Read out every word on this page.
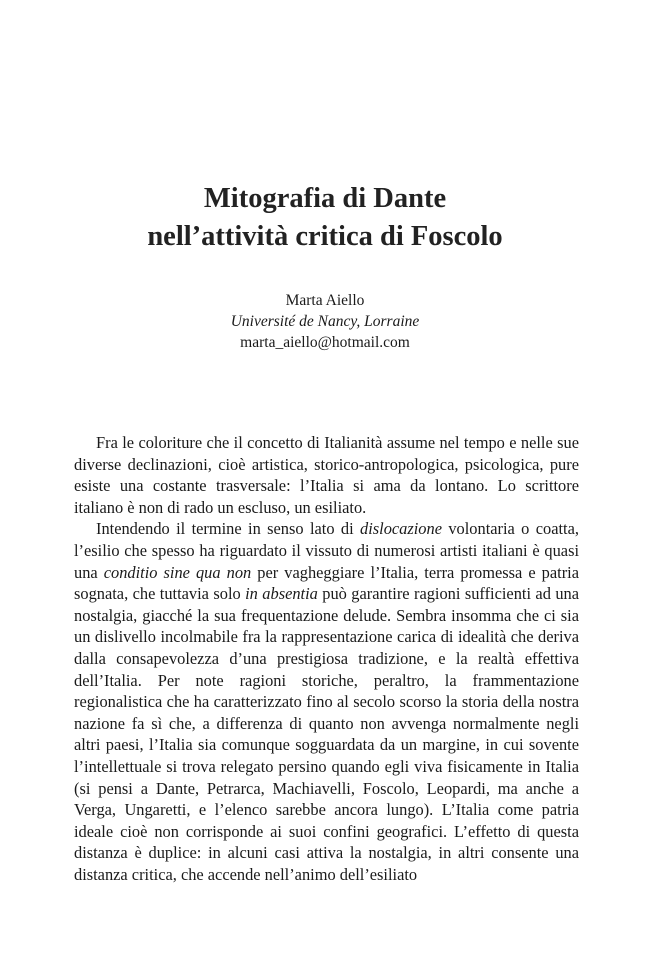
Mitografia di Dante
nell’attività critica di Foscolo
Marta Aiello
Université de Nancy, Lorraine
marta_aiello@hotmail.com

Fra le coloriture che il concetto di Italianità assume nel tempo e nelle sue diverse declinazioni, cioè artistica, storico-antropologica, psicologica, pure esiste una costante trasversale: l’Italia si ama da lontano. Lo scrittore italiano è non di rado un escluso, un esiliato.

Intendendo il termine in senso lato di dislocazione volontaria o coatta, l’esilio che spesso ha riguardato il vissuto di numerosi artisti italiani è quasi una conditio sine qua non per vagheggiare l’Italia, terra promessa e patria sognata, che tuttavia solo in absentia può garantire ragioni sufficienti ad una nostalgia, giacché la sua frequentazione delude. Sembra insomma che ci sia un dislivello incolmabile fra la rappresentazione carica di idealità che deriva dalla consapevolezza d’una prestigiosa tradizione, e la realtà effettiva dell’Italia. Per note ragioni storiche, peraltro, la frammentazione regionalistica che ha caratterizzato fino al secolo scorso la storia della nostra nazione fa sì che, a differenza di quanto non avvenga normalmente negli altri paesi, l’Italia sia comunque sogguardata da un margine, in cui sovente l’intellettuale si trova relegato persino quando egli viva fisicamente in Italia (si pensi a Dante, Petrarca, Machiavelli, Foscolo, Leopardi, ma anche a Verga, Ungaretti, e l’elenco sarebbe ancora lungo). L’Italia come patria ideale cioè non corrisponde ai suoi confini geografici. L’effetto di questa distanza è duplice: in alcuni casi attiva la nostalgia, in altri consente una distanza critica, che accende nell’animo dell’esiliato
